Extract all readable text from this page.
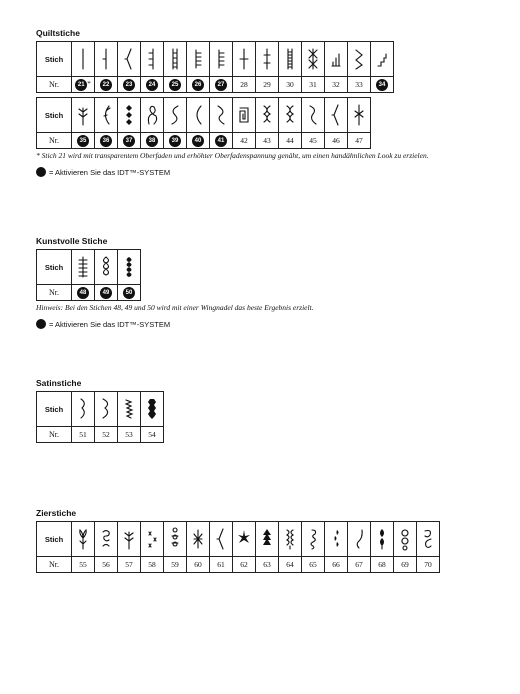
Quiltstiche
Stich	

Nr.	21 *	22	23	24	25	26	27	28	29	30	31	32	33	34
Stich	

Nr.	35	36	37	38	39	40	41	42	43	44	45	46	47

* Stich 21 wird mit transparentem Oberfaden und erhöhter Oberfadenspannung genäht, um einen handähnlichen Look zu erzielen.

= Aktivieren Sie das IDT™-SYSTEM
Kunstvolle Stiche
Stich	

Nr.	48	49	50

Hinweis: Bei den Stichen 48, 49 und 50 wird mit einer Wingnadel das beste Ergebnis erzielt.

= Aktivieren Sie das IDT™-SYSTEM
Satinstiche
Stich	

Nr.	51	52	53	54
Zierstiche
Stich	

Nr.	55	56	57	58	59	60	61	62	63	64	65	66	67	68	69	70
